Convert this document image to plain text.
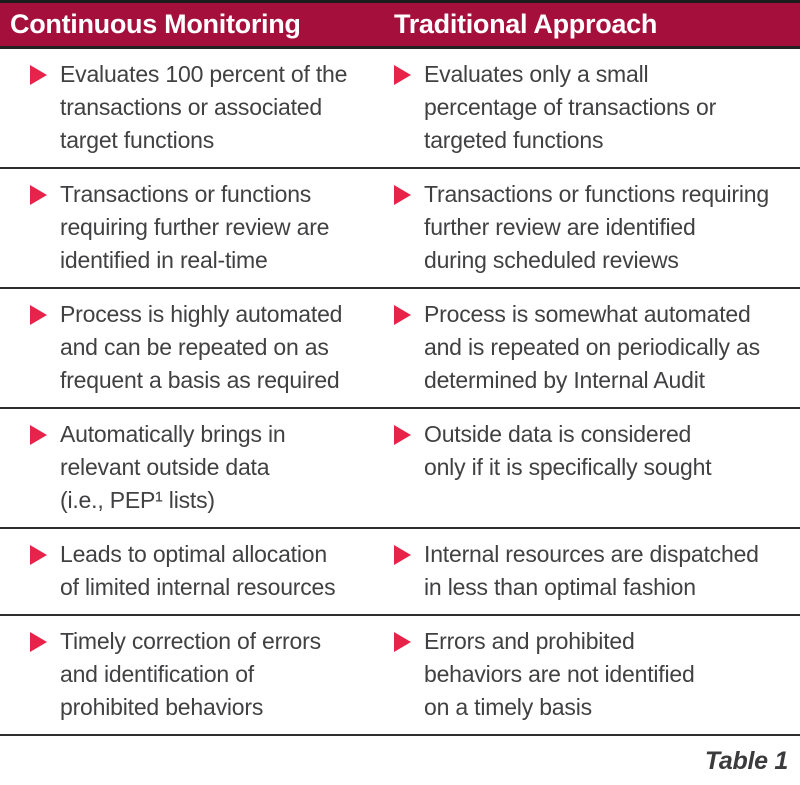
Continuous Monitoring	Traditional Approach
Evaluates 100 percent of the
transactions or associated
target functions
Evaluates only a small
percentage of transactions or
targeted functions
Transactions or functions
requiring further review are
identified in real-time
Transactions or functions requiring
further review are identified
during scheduled reviews
Process is highly automated
and can be repeated on as
frequent a basis as required
Process is somewhat automated
and is repeated on periodically as
determined by Internal Audit
Automatically brings in
relevant outside data
(i.e., PEP¹ lists)
Outside data is considered
only if it is specifically sought
Leads to optimal allocation
of limited internal resources
Internal resources are dispatched
in less than optimal fashion
Timely correction of errors
and identification of
prohibited behaviors
Errors and prohibited
behaviors are not identified
on a timely basis
Table 1
